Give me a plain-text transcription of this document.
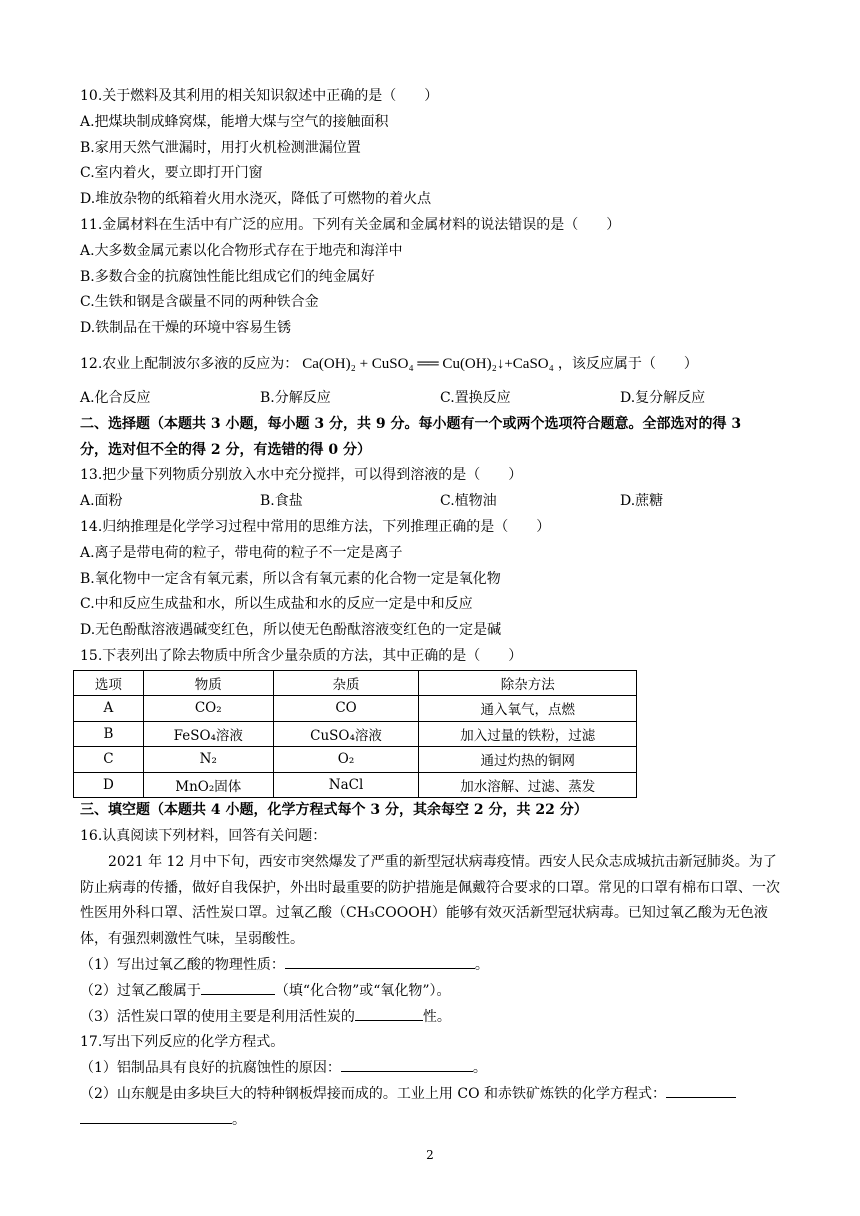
10.关于燃料及其利用的相关知识叙述中正确的是（　　）
A.把煤块制成蜂窝煤，能增大煤与空气的接触面积
B.家用天然气泄漏时，用打火机检测泄漏位置
C.室内着火，要立即打开门窗
D.堆放杂物的纸箱着火用水浇灭，降低了可燃物的着火点
11.金属材料在生活中有广泛的应用。下列有关金属和金属材料的说法错误的是（　　）
A.大多数金属元素以化合物形式存在于地壳和海洋中
B.多数合金的抗腐蚀性能比组成它们的纯金属好
C.生铁和钢是含碳量不同的两种铁合金
D.铁制品在干燥的环境中容易生锈
12.农业上配制波尔多液的反应为： Ca(OH)₂ + CuSO₄ ══ Cu(OH)₂↓+CaSO₄ ，该反应属于（　　）
A.化合反应	B.分解反应	C.置换反应	D.复分解反应
二、选择题（本题共 3 小题，每小题 3 分，共 9 分。每小题有一个或两个选项符合题意。全部选对的得 3
分，选对但不全的得 2 分，有选错的得 0 分）
13.把少量下列物质分别放入水中充分搅拌，可以得到溶液的是（　　）
A.面粉	B.食盐	C.植物油	D.蔗糖
14.归纳推理是化学学习过程中常用的思维方法，下列推理正确的是（　　）
A.离子是带电荷的粒子，带电荷的粒子不一定是离子
B.氧化物中一定含有氧元素，所以含有氧元素的化合物一定是氧化物
C.中和反应生成盐和水，所以生成盐和水的反应一定是中和反应
D.无色酚酞溶液遇碱变红色，所以使无色酚酞溶液变红色的一定是碱
15.下表列出了除去物质中所含少量杂质的方法，其中正确的是（　　）
选项	物质	杂质	除杂方法
A	CO₂	CO	通入氧气，点燃
B	FeSO₄溶液	CuSO₄溶液	加入过量的铁粉，过滤
C	N₂	O₂	通过灼热的铜网
D	MnO₂固体	NaCl	加水溶解、过滤、蒸发
三、填空题（本题共 4 小题，化学方程式每个 3 分，其余每空 2 分，共 22 分）
16.认真阅读下列材料，回答有关问题：
2021 年 12 月中下旬，西安市突然爆发了严重的新型冠状病毒疫情。西安人民众志成城抗击新冠肺炎。为了防止病毒的传播，做好自我保护，外出时最重要的防护措施是佩戴符合要求的口罩。常见的口罩有棉布口罩、一次性医用外科口罩、活性炭口罩。过氧乙酸（CH₃COOOH）能够有效灭活新型冠状病毒。已知过氧乙酸为无色液体，有强烈刺激性气味，呈弱酸性。
（1）写出过氧乙酸的物理性质：	。
（2）过氧乙酸属于	（填“化合物”或“氧化物”）。
（3）活性炭口罩的使用主要是利用活性炭的	性。
17.写出下列反应的化学方程式。
（1）铝制品具有良好的抗腐蚀性的原因：	。
（2）山东舰是由多块巨大的特种钢板焊接而成的。工业上用 CO 和赤铁矿炼铁的化学方程式：
。
2
